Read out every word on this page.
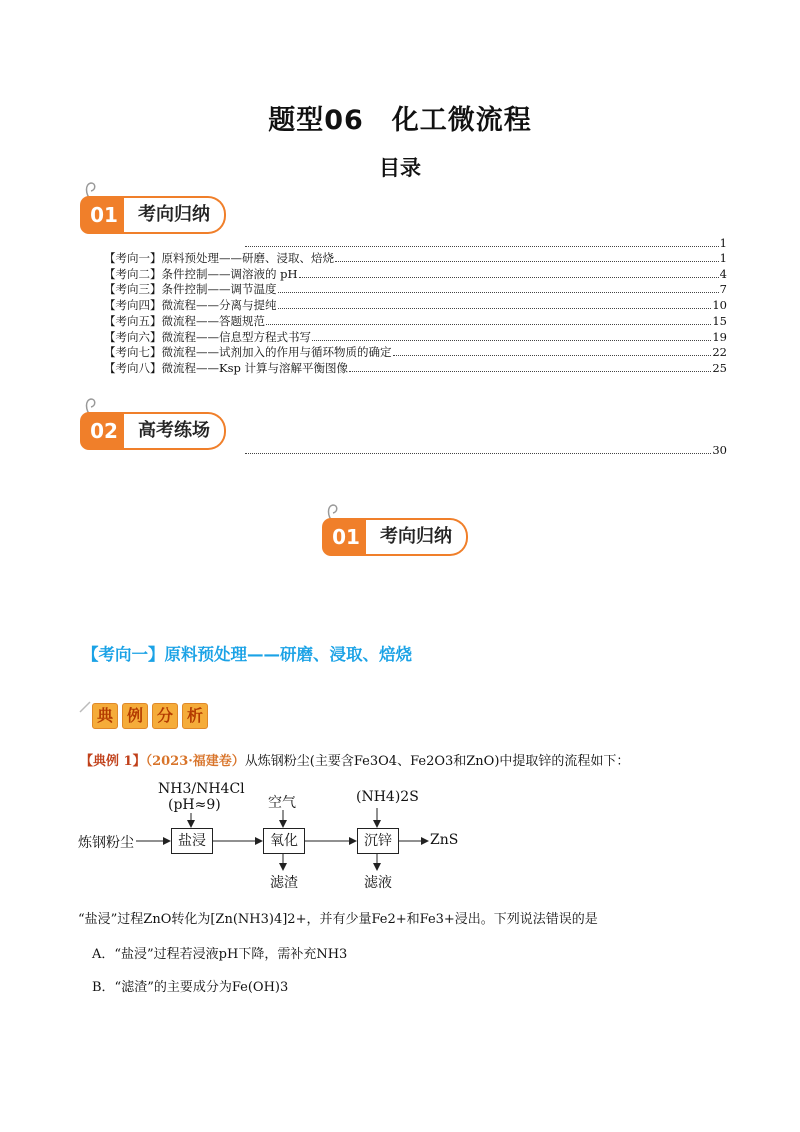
题型06　化工微流程
目录
01	考向归纳
1
【考向一】原料预处理——研磨、浸取、焙烧	1
【考向二】条件控制——调溶液的 pH	4
【考向三】条件控制——调节温度	7
【考向四】微流程——分离与提纯	10
【考向五】微流程——答题规范	15
【考向六】微流程——信息型方程式书写	19
【考向七】微流程——试剂加入的作用与循环物质的确定	22
【考向八】微流程——Ksp 计算与溶解平衡图像	25
02	高考练场
30
01	考向归纳
【考向一】原料预处理——研磨、浸取、焙烧
典 例 分 析
【典例 1】（2023·福建卷）从炼钢粉尘(主要含Fe3O4、Fe2O3和ZnO)中提取锌的流程如下：
NH3/NH4Cl
(pH≈9)	空气	(NH4)2S
炼钢粉尘	盐浸	氧化	沉锌	ZnS
滤渣	滤液
“盐浸”过程ZnO转化为[Zn(NH3)4]2+，并有少量Fe2+和Fe3+浸出。下列说法错误的是
A．“盐浸”过程若浸液pH下降，需补充NH3
B．“滤渣”的主要成分为Fe(OH)3
